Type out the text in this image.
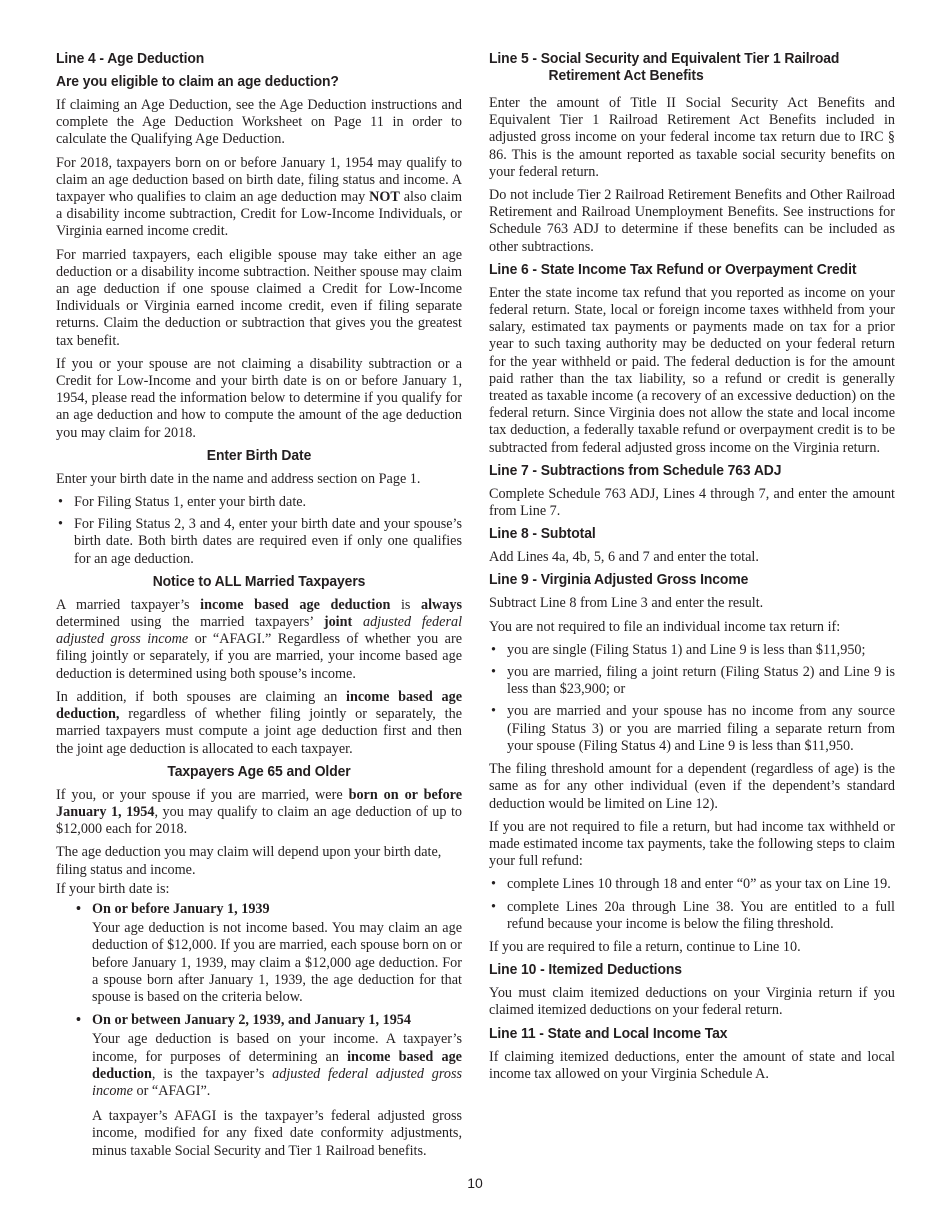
Line 4 - Age Deduction
Are you eligible to claim an age deduction?

If claiming an Age Deduction, see the Age Deduction instructions and complete the Age Deduction Worksheet on Page 11 in order to calculate the Qualifying Age Deduction.

For 2018, taxpayers born on or before January 1, 1954 may qualify to claim an age deduction based on birth date, filing status and income. A taxpayer who qualifies to claim an age deduction may NOT also claim a disability income subtraction, Credit for Low-Income Individuals, or Virginia earned income credit.

For married taxpayers, each eligible spouse may take either an age deduction or a disability income subtraction. Neither spouse may claim an age deduction if one spouse claimed a Credit for Low-Income Individuals or Virginia earned income credit, even if filing separate returns. Claim the deduction or subtraction that gives you the greatest tax benefit.

If you or your spouse are not claiming a disability subtraction or a Credit for Low-Income and your birth date is on or before January 1, 1954, please read the information below to determine if you qualify for an age deduction and how to compute the amount of the age deduction you may claim for 2018.

Enter Birth Date

Enter your birth date in the name and address section on Page 1.

• For Filing Status 1, enter your birth date.
• For Filing Status 2, 3 and 4, enter your birth date and your spouse’s birth date. Both birth dates are required even if only one qualifies for an age deduction.
Notice to ALL Married Taxpayers

A married taxpayer’s income based age deduction is always determined using the married taxpayers’ joint adjusted federal adjusted gross income or “AFAGI.” Regardless of whether you are filing jointly or separately, if you are married, your income based age deduction is determined using both spouse’s income.

In addition, if both spouses are claiming an income based age deduction, regardless of whether filing jointly or separately, the married taxpayers must compute a joint age deduction first and then the joint age deduction is allocated to each taxpayer.

Taxpayers Age 65 and Older

If you, or your spouse if you are married, were born on or before January 1, 1954, you may qualify to claim an age deduction of up to $12,000 each for 2018.

The age deduction you may claim will depend upon your birth date, filing status and income.

If your birth date is:

• On or before January 1, 1939

Your age deduction is not income based. You may claim an age deduction of $12,000. If you are married, each spouse born on or before January 1, 1939, may claim a $12,000 age deduction. For a spouse born after January 1, 1939, the age deduction for that spouse is based on the criteria below.

• On or between January 2, 1939, and January 1, 1954

Your age deduction is based on your income. A taxpayer’s income, for purposes of determining an income based age deduction, is the taxpayer’s adjusted federal adjusted gross income or “AFAGI”.

A taxpayer’s AFAGI is the taxpayer’s federal adjusted gross income, modified for any fixed date conformity adjustments, minus taxable Social Security and Tier 1 Railroad benefits.

Line 5 - Social Security and Equivalent Tier 1 Railroad
Retirement Act Benefits

Enter the amount of Title II Social Security Act Benefits and Equivalent Tier 1 Railroad Retirement Act Benefits included in adjusted gross income on your federal income tax return due to IRC § 86. This is the amount reported as taxable social security benefits on your federal return.

Do not include Tier 2 Railroad Retirement Benefits and Other Railroad Retirement and Railroad Unemployment Benefits. See instructions for Schedule 763 ADJ to determine if these benefits can be included as other subtractions.

Line 6 - State Income Tax Refund or Overpayment Credit

Enter the state income tax refund that you reported as income on your federal return. State, local or foreign income taxes withheld from your salary, estimated tax payments or payments made on tax for a prior year to such taxing authority may be deducted on your federal return for the year withheld or paid. The federal deduction is for the amount paid rather than the tax liability, so a refund or credit is generally treated as taxable income (a recovery of an excessive deduction) on the federal return. Since Virginia does not allow the state and local income tax deduction, a federally taxable refund or overpayment credit is to be subtracted from federal adjusted gross income on the Virginia return.

Line 7 - Subtractions from Schedule 763 ADJ

Complete Schedule 763 ADJ, Lines 4 through 7, and enter the amount from Line 7.

Line 8 - Subtotal

Add Lines 4a, 4b, 5, 6 and 7 and enter the total.

Line 9 - Virginia Adjusted Gross Income

Subtract Line 8 from Line 3 and enter the result.

You are not required to file an individual income tax return if:

• you are single (Filing Status 1) and Line 9 is less than $11,950;
• you are married, filing a joint return (Filing Status 2) and Line 9 is less than $23,900; or
• you are married and your spouse has no income from any source (Filing Status 3) or you are married filing a separate return from your spouse (Filing Status 4) and Line 9 is less than $11,950.

The filing threshold amount for a dependent (regardless of age) is the same as for any other individual (even if the dependent’s standard deduction would be limited on Line 12).

If you are not required to file a return, but had income tax withheld or made estimated income tax payments, take the following steps to claim your full refund:

• complete Lines 10 through 18 and enter “0” as your tax on Line 19.
• complete Lines 20a through Line 38. You are entitled to a full refund because your income is below the filing threshold.

If you are required to file a return, continue to Line 10.

Line 10 - Itemized Deductions

You must claim itemized deductions on your Virginia return if you claimed itemized deductions on your federal return.

Line 11 - State and Local Income Tax

If claiming itemized deductions, enter the amount of state and local income tax allowed on your Virginia Schedule A.

10
